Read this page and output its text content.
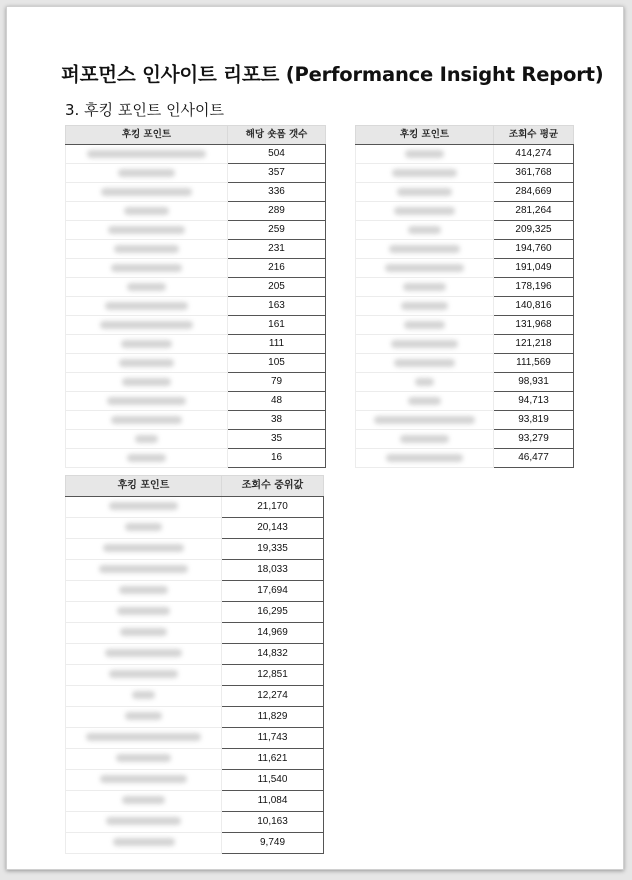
퍼포먼스 인사이트 리포트 (Performance Insight Report)
3. 후킹 포인트 인사이트
후킹 포인트	해당 숏폼 갯수

	504

	357

	336

	289

	259

	231

	216

	205

	163

	161

	111

	105

	79

	48

	38

	35

	16
후킹 포인트	조회수 평균

	414,274

	361,768

	284,669

	281,264

	209,325

	194,760

	191,049

	178,196

	140,816

	131,968

	121,218

	111,569

	98,931

	94,713

	93,819

	93,279

	46,477
후킹 포인트	조회수 중위값

	21,170

	20,143

	19,335

	18,033

	17,694

	16,295

	14,969

	14,832

	12,851

	12,274

	11,829

	11,743

	11,621

	11,540

	11,084

	10,163

	9,749
